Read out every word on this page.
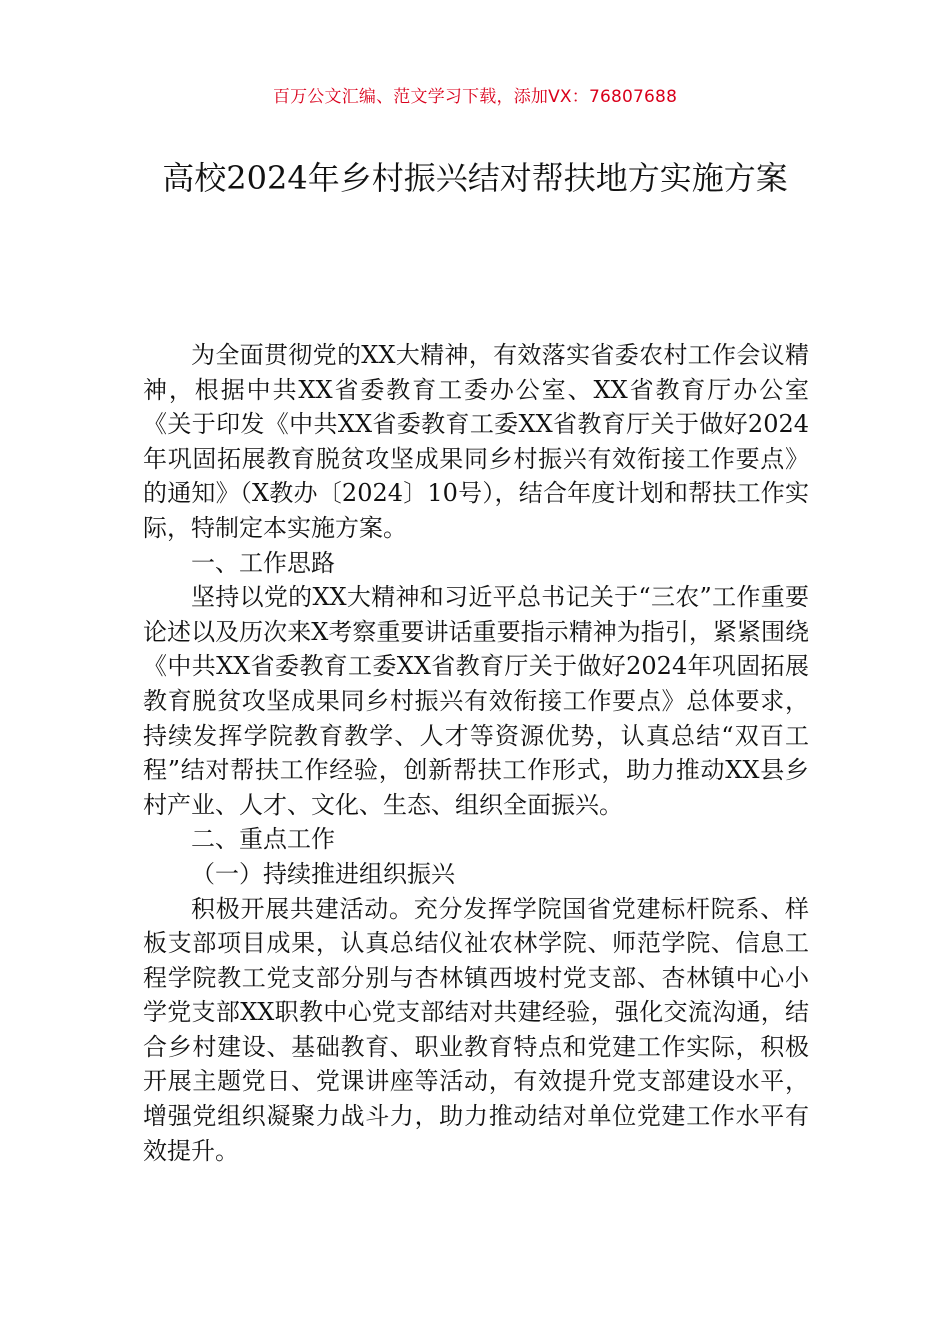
百万公文汇编、范文学习下载，添加VX：76807688
高校2024年乡村振兴结对帮扶地方实施方案

为全面贯彻党的XX大精神，有效落实省委农村工作会议精神，根据中共XX省委教育工委办公室、XX省教育厅办公室《关于印发《中共XX省委教育工委XX省教育厅关于做好2024年巩固拓展教育脱贫攻坚成果同乡村振兴有效衔接工作要点》的通知》（X教办〔2024〕10号），结合年度计划和帮扶工作实际，特制定本实施方案。

一、工作思路

坚持以党的XX大精神和习近平总书记关于“三农”工作重要论述以及历次来X考察重要讲话重要指示精神为指引，紧紧围绕《中共XX省委教育工委XX省教育厅关于做好2024年巩固拓展教育脱贫攻坚成果同乡村振兴有效衔接工作要点》总体要求，持续发挥学院教育教学、人才等资源优势，认真总结“双百工程”结对帮扶工作经验，创新帮扶工作形式，助力推动XX县乡村产业、人才、文化、生态、组织全面振兴。

二、重点工作

（一）持续推进组织振兴

积极开展共建活动。充分发挥学院国省党建标杆院系、样板支部项目成果，认真总结仪祉农林学院、师范学院、信息工程学院教工党支部分别与杏林镇西坡村党支部、杏林镇中心小学党支部XX职教中心党支部结对共建经验，强化交流沟通，结合乡村建设、基础教育、职业教育特点和党建工作实际，积极开展主题党日、党课讲座等活动，有效提升党支部建设水平，增强党组织凝聚力战斗力，助力推动结对单位党建工作水平有效提升。
